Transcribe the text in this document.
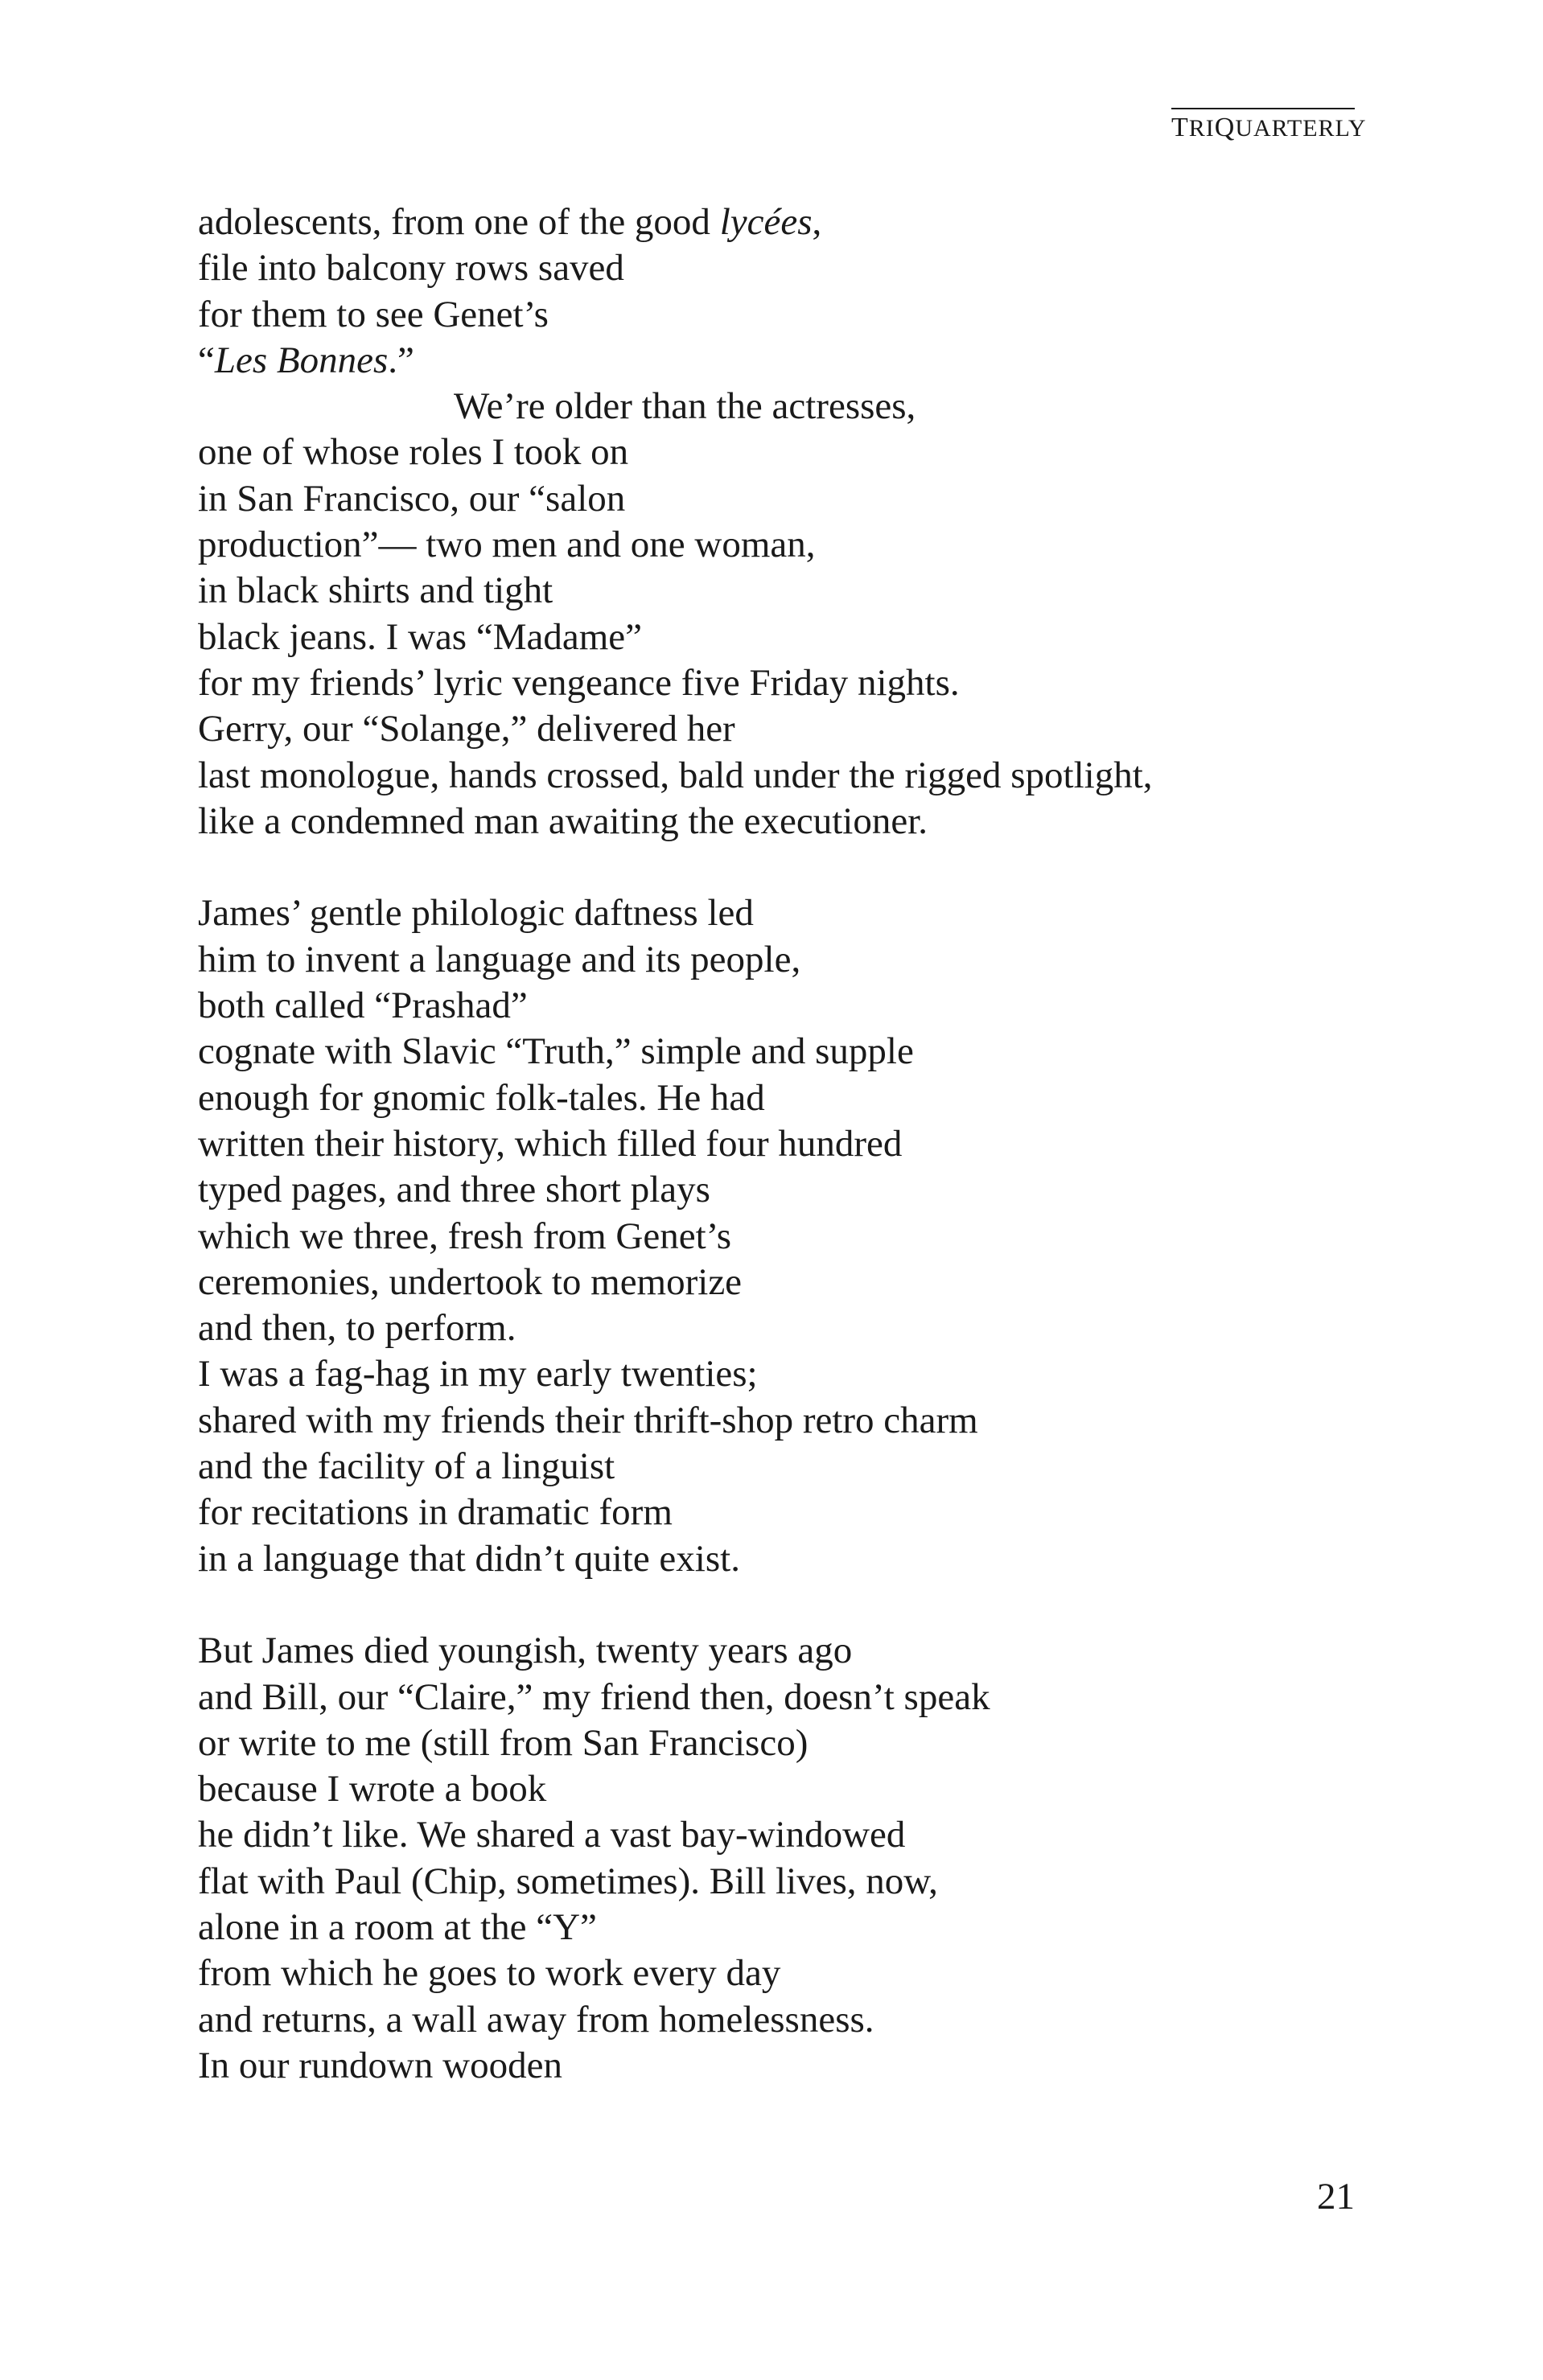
TRIQUARTERLY
adolescents, from one of the good lycées,
file into balcony rows saved
for them to see Genet’s
“Les Bonnes.”
We’re older than the actresses,
one of whose roles I took on
in San Francisco, our “salon
production”— two men and one woman,
in black shirts and tight
black jeans. I was “Madame”
for my friends’ lyric vengeance five Friday nights.
Gerry, our “Solange,” delivered her
last monologue, hands crossed, bald under the rigged spotlight,
like a condemned man awaiting the executioner.
James’ gentle philologic daftness led
him to invent a language and its people,
both called “Prashad”
cognate with Slavic “Truth,” simple and supple
enough for gnomic folk-tales. He had
written their history, which filled four hundred
typed pages, and three short plays
which we three, fresh from Genet’s
ceremonies, undertook to memorize
and then, to perform.
I was a fag-hag in my early twenties;
shared with my friends their thrift-shop retro charm
and the facility of a linguist
for recitations in dramatic form
in a language that didn’t quite exist.
But James died youngish, twenty years ago
and Bill, our “Claire,” my friend then, doesn’t speak
or write to me (still from San Francisco)
because I wrote a book
he didn’t like. We shared a vast bay-windowed
flat with Paul (Chip, sometimes). Bill lives, now,
alone in a room at the “Y”
from which he goes to work every day
and returns, a wall away from homelessness.
In our rundown wooden
21
